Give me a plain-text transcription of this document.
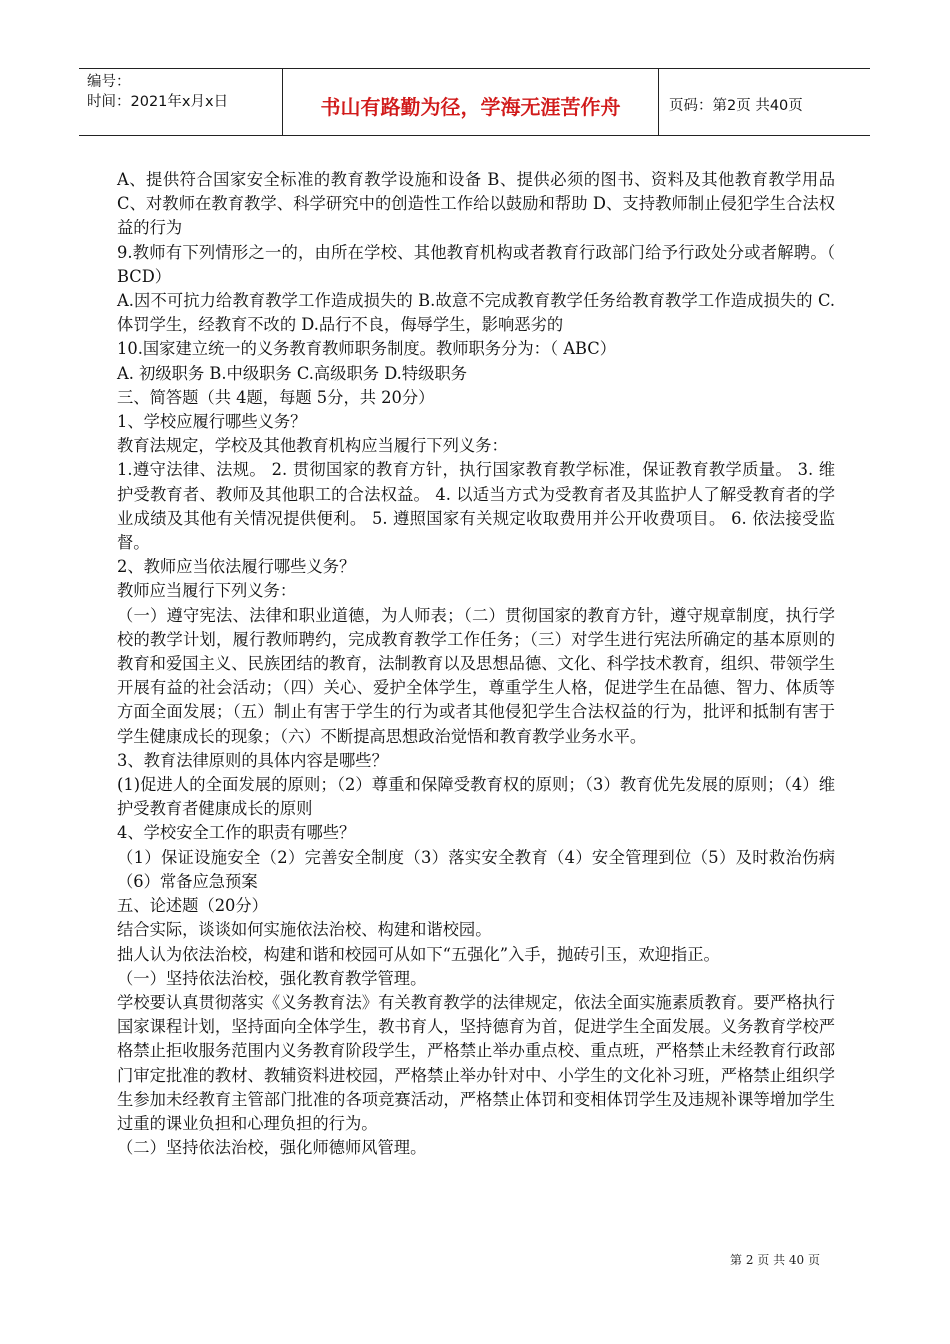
编号：
时间：2021年x月x日	书山有路勤为径，学海无涯苦作舟	页码：第2页 共40页

A、提供符合国家安全标准的教育教学设施和设备 B、提供必须的图书、资料及其他教育教学用品 C、对教师在教育教学、科学研究中的创造性工作给以鼓励和帮助 D、支持教师制止侵犯学生合法权益的行为

9.教师有下列情形之一的，由所在学校、其他教育机构或者教育行政部门给予行政处分或者解聘。（ BCD）

A.因不可抗力给教育教学工作造成损失的 B.故意不完成教育教学任务给教育教学工作造成损失的 C.体罚学生，经教育不改的 D.品行不良，侮辱学生，影响恶劣的

10.国家建立统一的义务教育教师职务制度。教师职务分为：（ ABC）

A. 初级职务 B.中级职务 C.高级职务 D.特级职务

三、简答题（共 4题，每题 5分，共 20分）

1、学校应履行哪些义务？

教育法规定，学校及其他教育机构应当履行下列义务：

1.遵守法律、法规。 2. 贯彻国家的教育方针，执行国家教育教学标准，保证教育教学质量。 3. 维护受教育者、教师及其他职工的合法权益。 4. 以适当方式为受教育者及其监护人了解受教育者的学业成绩及其他有关情况提供便利。 5. 遵照国家有关规定收取费用并公开收费项目。 6. 依法接受监督。

2、教师应当依法履行哪些义务？

教师应当履行下列义务：

（一）遵守宪法、法律和职业道德，为人师表；（二）贯彻国家的教育方针，遵守规章制度，执行学校的教学计划，履行教师聘约，完成教育教学工作任务；（三）对学生进行宪法所确定的基本原则的教育和爱国主义、民族团结的教育，法制教育以及思想品德、文化、科学技术教育，组织、带领学生开展有益的社会活动；（四）关心、爱护全体学生，尊重学生人格，促进学生在品德、智力、体质等方面全面发展；（五）制止有害于学生的行为或者其他侵犯学生合法权益的行为，批评和抵制有害于学生健康成长的现象；（六）不断提高思想政治觉悟和教育教学业务水平。

3、教育法律原则的具体内容是哪些？

(1)促进人的全面发展的原则；（2）尊重和保障受教育权的原则；（3）教育优先发展的原则；（4）维护受教育者健康成长的原则

4、学校安全工作的职责有哪些？

（1）保证设施安全（2）完善安全制度（3）落实安全教育（4）安全管理到位（5）及时救治伤病（6）常备应急预案

五、论述题（20分）

结合实际，谈谈如何实施依法治校、构建和谐校园。

拙人认为依法治校，构建和谐和校园可从如下“五强化”入手，抛砖引玉，欢迎指正。

（一）坚持依法治校，强化教育教学管理。

学校要认真贯彻落实《义务教育法》有关教育教学的法律规定，依法全面实施素质教育。要严格执行国家课程计划，坚持面向全体学生，教书育人，坚持德育为首，促进学生全面发展。义务教育学校严格禁止拒收服务范围内义务教育阶段学生，严格禁止举办重点校、重点班，严格禁止未经教育行政部门审定批准的教材、教辅资料进校园，严格禁止举办针对中、小学生的文化补习班，严格禁止组织学生参加未经教育主管部门批准的各项竞赛活动，严格禁止体罚和变相体罚学生及违规补课等增加学生过重的课业负担和心理负担的行为。

（二）坚持依法治校，强化师德师风管理。

第 2 页 共 40 页
